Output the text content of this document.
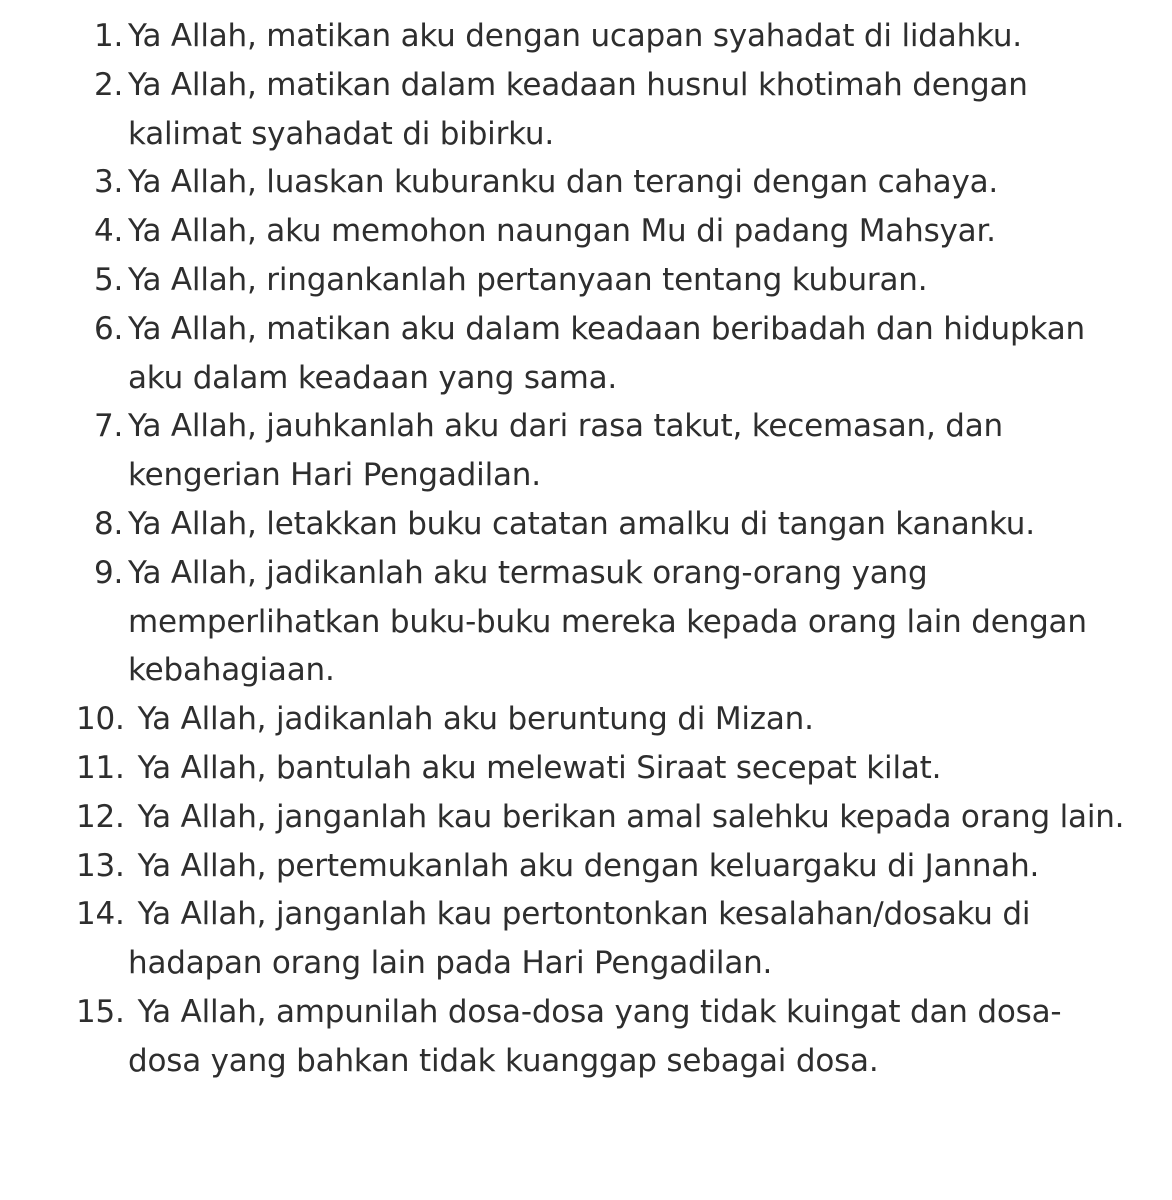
1. Ya Allah, matikan aku dengan ucapan syahadat di lidahku.
2. Ya Allah, matikan dalam keadaan husnul khotimah dengan kalimat syahadat di bibirku.
3. Ya Allah, luaskan kuburanku dan terangi dengan cahaya.
4. Ya Allah, aku memohon naungan Mu di padang Mahsyar.
5. Ya Allah, ringankanlah pertanyaan tentang kuburan.
6. Ya Allah, matikan aku dalam keadaan beribadah dan hidupkan aku dalam keadaan yang sama.
7. Ya Allah, jauhkanlah aku dari rasa takut, kecemasan, dan kengerian Hari Pengadilan.
8. Ya Allah, letakkan buku catatan amalku di tangan kananku.
9. Ya Allah, jadikanlah aku termasuk orang-orang yang memperlihatkan buku-buku mereka kepada orang lain dengan kebahagiaan.
10. Ya Allah, jadikanlah aku beruntung di Mizan.
11. Ya Allah, bantulah aku melewati Siraat secepat kilat.
12. Ya Allah, janganlah kau berikan amal salehku kepada orang lain.
13. Ya Allah, pertemukanlah aku dengan keluargaku di Jannah.
14. Ya Allah, janganlah kau pertontonkan kesalahan/dosaku di hadapan orang lain pada Hari Pengadilan.
15. Ya Allah, ampunilah dosa-dosa yang tidak kuingat dan dosa-dosa yang bahkan tidak kuanggap sebagai dosa.
